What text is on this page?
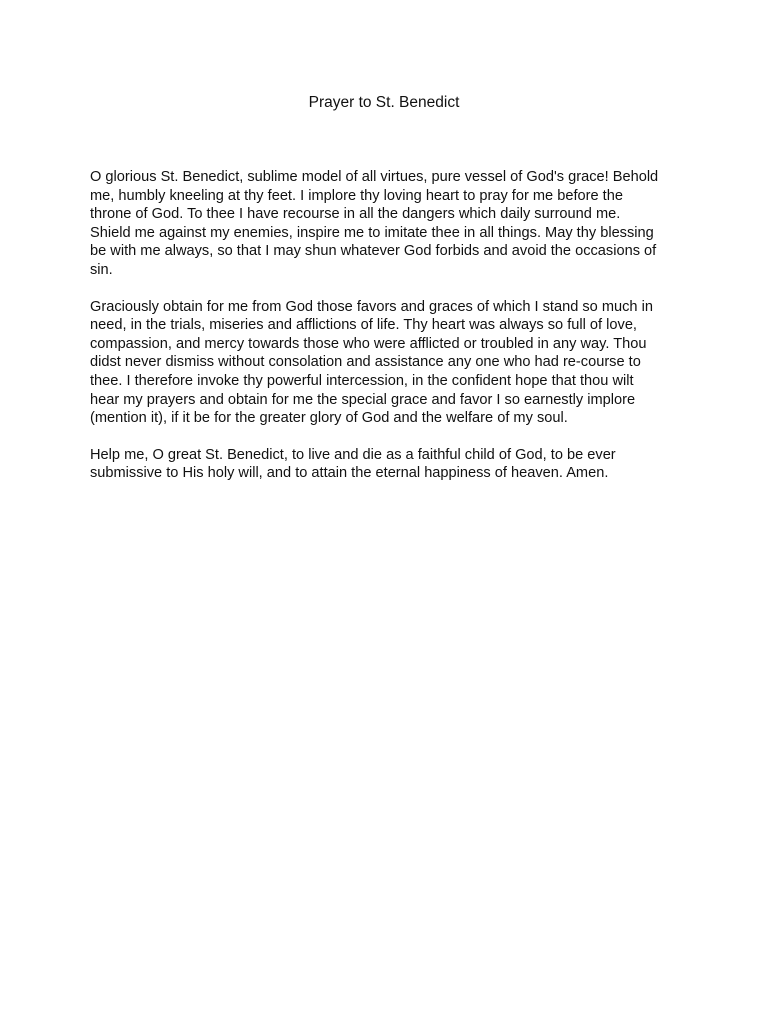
Prayer to St. Benedict

O glorious St. Benedict, sublime model of all virtues, pure vessel of God's grace! Behold
me, humbly kneeling at thy feet. I implore thy loving heart to pray for me before the
throne of God. To thee I have recourse in all the dangers which daily surround me.
Shield me against my enemies, inspire me to imitate thee in all things. May thy blessing
be with me always, so that I may shun whatever God forbids and avoid the occasions of
sin.

Graciously obtain for me from God those favors and graces of which I stand so much in
need, in the trials, miseries and afflictions of life. Thy heart was always so full of love,
compassion, and mercy towards those who were afflicted or troubled in any way. Thou
didst never dismiss without consolation and assistance any one who had re-course to
thee. I therefore invoke thy powerful intercession, in the confident hope that thou wilt
hear my prayers and obtain for me the special grace and favor I so earnestly implore
(mention it), if it be for the greater glory of God and the welfare of my soul.

Help me, O great St. Benedict, to live and die as a faithful child of God, to be ever
submissive to His holy will, and to attain the eternal happiness of heaven. Amen.
